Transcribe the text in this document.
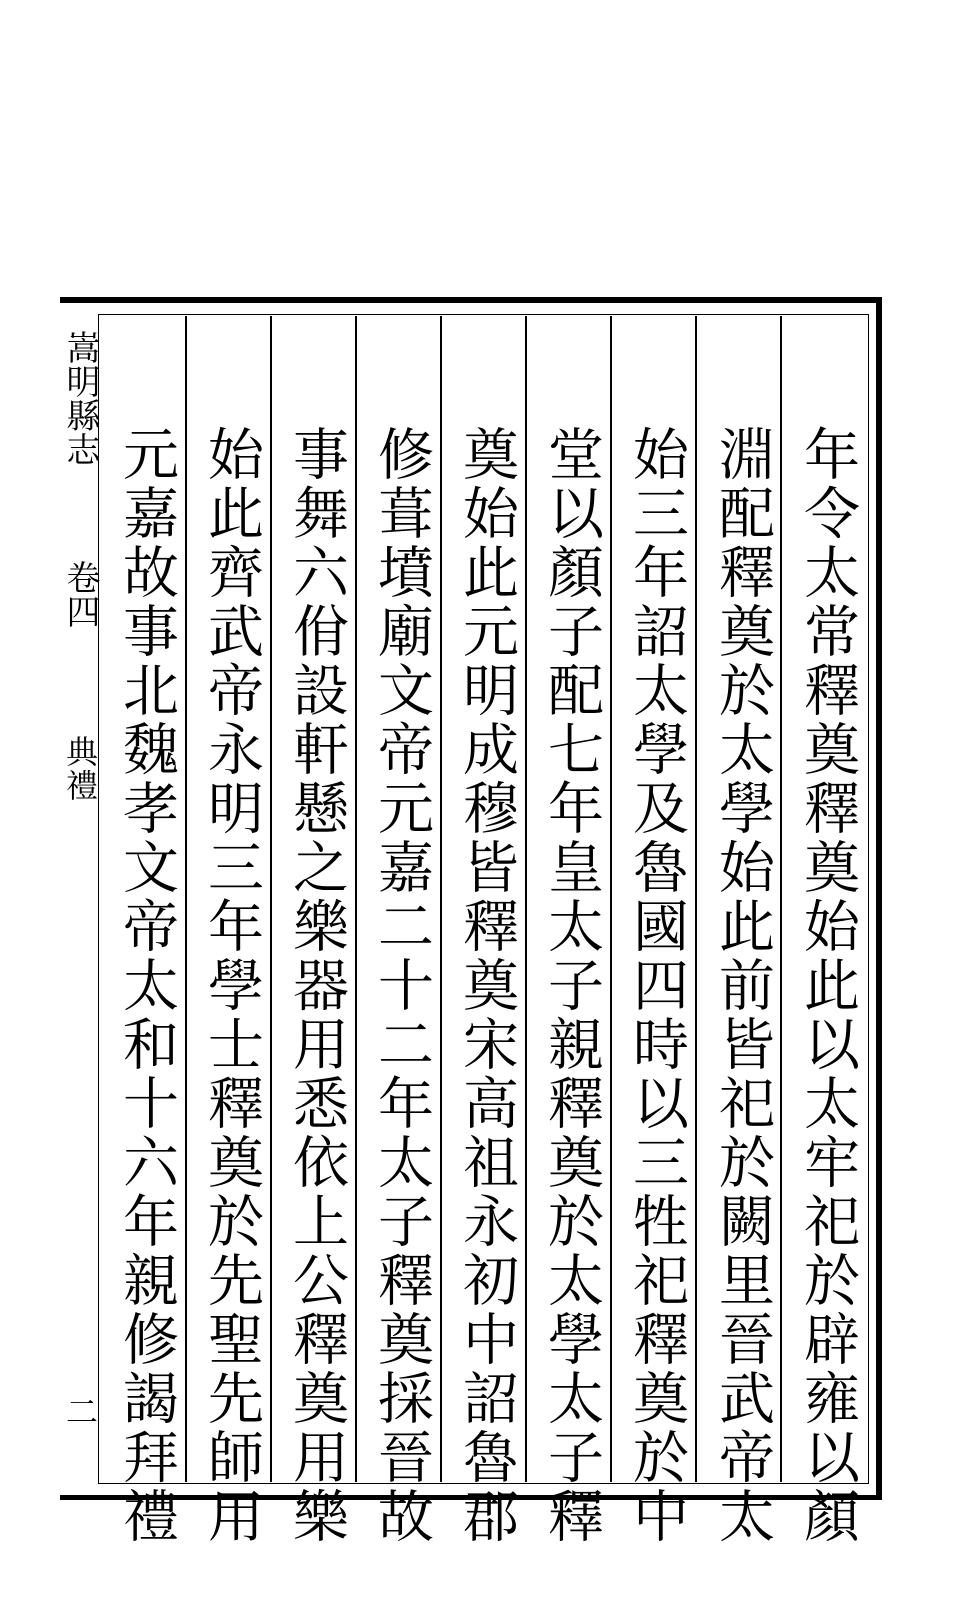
嵩明縣志
卷四
典禮
二	年令太常釋奠釋奠始此以太牢祀於辟雍以顏
淵配釋奠於太學始此前皆祀於闕里晉武帝太
始三年詔太學及魯國四時以三牲祀釋奠於中
堂以顏子配七年皇太子親釋奠於太學太子釋
奠始此元明成穆皆釋奠宋高祖永初中詔魯郡
修葺墳廟文帝元嘉二十二年太子釋奠採晉故
事舞六佾設軒懸之樂器用悉依上公釋奠用樂
始此齊武帝永明三年學士釋奠於先聖先師用
元嘉故事北魏孝文帝太和十六年親修謁拜禮
